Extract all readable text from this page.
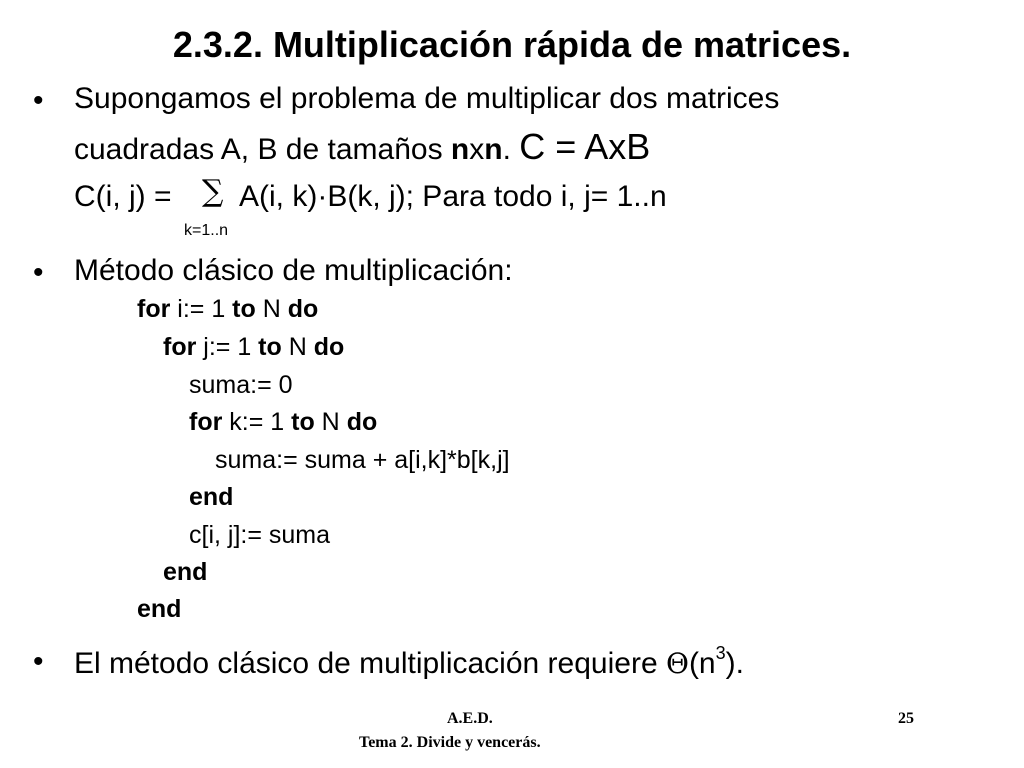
2.3.2. Multiplicación rápida de matrices.
• Supongamos el problema de multiplicar dos matrices
cuadradas A, B de tamaños nxn. C = AxB
C(i, j) = ∑ A(i, k)·B(k, j); Para todo i, j= 1..n
k=1..n
• Método clásico de multiplicación:
for i:= 1 to N do
for j:= 1 to N do
suma:= 0
for k:= 1 to N do
suma:= suma + a[i,k]*b[k,j]
end
c[i, j]:= suma
end
end
• El método clásico de multiplicación requiere $\Theta(n^3)$.
A.E.D.
Tema 2. Divide y vencerás.
25
